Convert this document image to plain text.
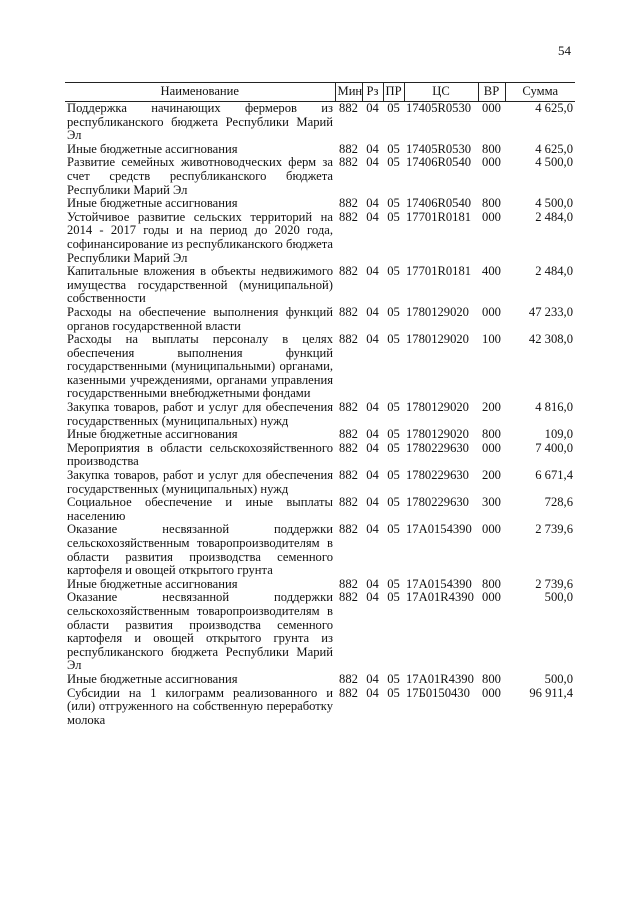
54
Наименование	Мин	Рз	ПР	ЦС	ВР	Сумма
Поддержка начинающих фермеров из республиканского бюджета Республики Марий Эл	882	04	05	17405R0530	000	4 625,0
Иные бюджетные ассигнования	882	04	05	17405R0530	800	4 625,0
Развитие семейных животноводческих ферм за счет средств республиканского бюджета Республики Марий Эл	882	04	05	17406R0540	000	4 500,0
Иные бюджетные ассигнования	882	04	05	17406R0540	800	4 500,0
Устойчивое развитие сельских территорий на 2014 - 2017 годы и на период до 2020 года, софинансирование из республиканского бюджета Республики Марий Эл	882	04	05	17701R0181	000	2 484,0
Капитальные вложения в объекты недвижимого имущества государственной (муниципальной) собственности	882	04	05	17701R0181	400	2 484,0
Расходы на обеспечение выполнения функций органов государственной власти	882	04	05	1780129020	000	47 233,0
Расходы на выплаты персоналу в целях обеспечения выполнения функций государственными (муниципальными) органами, казенными учреждениями, органами управления государственными внебюджетными фондами	882	04	05	1780129020	100	42 308,0
Закупка товаров, работ и услуг для обеспечения государственных (муниципальных) нужд	882	04	05	1780129020	200	4 816,0
Иные бюджетные ассигнования	882	04	05	1780129020	800	109,0
Мероприятия в области сельскохозяйственного производства	882	04	05	1780229630	000	7 400,0
Закупка товаров, работ и услуг для обеспечения государственных (муниципальных) нужд	882	04	05	1780229630	200	6 671,4
Социальное обеспечение и иные выплаты населению	882	04	05	1780229630	300	728,6
Оказание несвязанной поддержки сельскохозяйственным товаропроизводителям в области развития производства семенного картофеля и овощей открытого грунта	882	04	05	17А0154390	000	2 739,6
Иные бюджетные ассигнования	882	04	05	17А0154390	800	2 739,6
Оказание несвязанной поддержки сельскохозяйственным товаропроизводителям в области развития производства семенного картофеля и овощей открытого грунта из республиканского бюджета Республики Марий Эл	882	04	05	17А01R4390	000	500,0
Иные бюджетные ассигнования	882	04	05	17А01R4390	800	500,0
Субсидии на 1 килограмм реализованного и (или) отгруженного на собственную переработку молока	882	04	05	17Б0150430	000	96 911,4
